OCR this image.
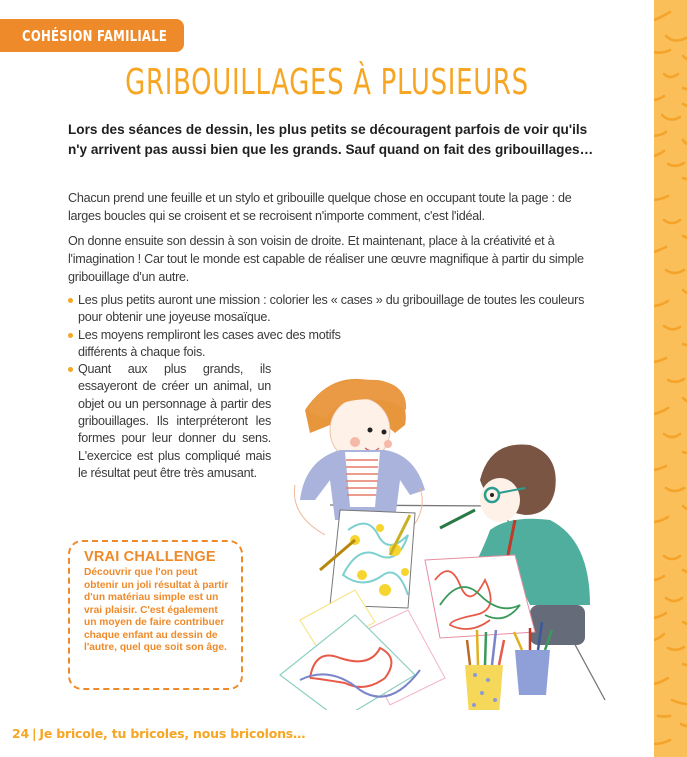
COHÉSION FAMILIALE
GRIBOUILLAGES À PLUSIEURS

Lors des séances de dessin, les plus petits se découragent parfois de voir qu'ils n'y arrivent pas aussi bien que les grands. Sauf quand on fait des gribouillages…

Chacun prend une feuille et un stylo et gribouille quelque chose en occupant toute la page : de larges boucles qui se croisent et se recroisent n'importe comment, c'est l'idéal.

On donne ensuite son dessin à son voisin de droite. Et maintenant, place à la créativité et à l'imagination ! Car tout le monde est capable de réaliser une œuvre magnifique à partir du simple gribouillage d'un autre.

Les plus petits auront une mission : colorier les « cases » du gribouillage de toutes les couleurs pour obtenir une joyeuse mosaïque.
Les moyens rempliront les cases avec des motifs différents à chaque fois.
Quant aux plus grands, ils essayeront de créer un animal, un objet ou un personnage à partir des gribouillages. Ils interpréteront les formes pour leur donner du sens. L'exercice est plus compliqué mais le résultat peut être très amusant.
VRAI CHALLENGE
Découvrir que l'on peut obtenir un joli résultat à partir d'un matériau simple est un vrai plaisir. C'est également un moyen de faire contribuer chaque enfant au dessin de l'autre, quel que soit son âge.
24 | Je bricole, tu bricoles, nous bricolons…
